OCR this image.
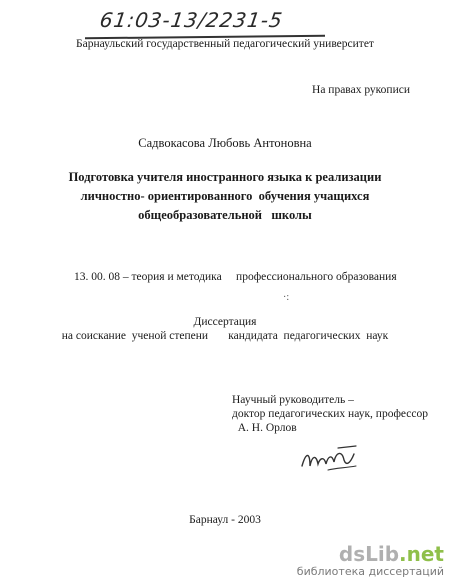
61:03-13/2231-5
Барнаульский государственный педагогический университет
На правах рукописи
Садвокасова Любовь Антоновна
Подготовка учителя иностранного языка к реализации
личностно- ориентированного  обучения учащихся
общеобразовательной   школы
13. 00. 08 – теория и методика     профессионального образования
·:
Диссертация
на соискание  ученой степени       кандидата  педагогических  наук
Научный руководитель –
доктор педагогических наук, профессор
А. Н. Орлов
Барнаул - 2003
dsLib.net
библиотека диссертаций
